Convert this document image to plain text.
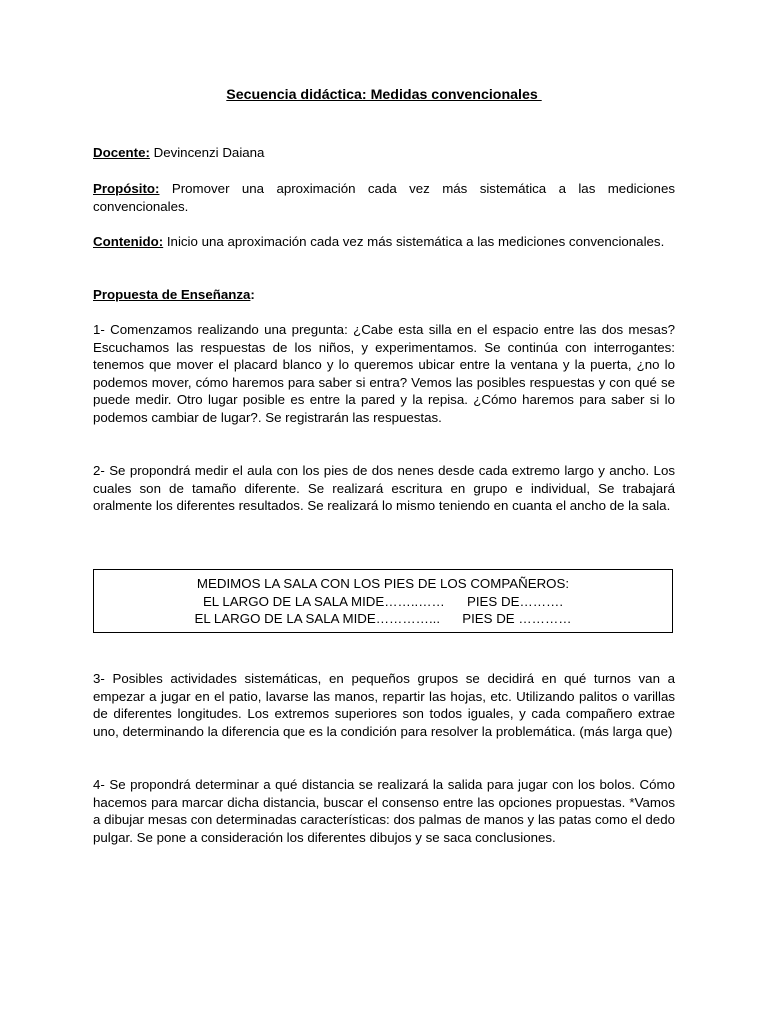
Secuencia didáctica: Medidas convencionales

Docente: Devincenzi Daiana

Propósito: Promover una aproximación cada vez más sistemática a las mediciones convencionales.

Contenido: Inicio una aproximación cada vez más sistemática a las mediciones convencionales.

Propuesta de Enseñanza:

1- Comenzamos realizando una pregunta: ¿Cabe esta silla en el espacio entre las dos mesas? Escuchamos las respuestas de los niños, y experimentamos. Se continúa con interrogantes: tenemos que mover el placard blanco y lo queremos ubicar entre la ventana y la puerta, ¿no lo podemos mover, cómo haremos para saber si entra? Vemos las posibles respuestas y con qué se puede medir. Otro lugar posible es entre la pared y la repisa. ¿Cómo haremos para saber si lo podemos cambiar de lugar?. Se registrarán las respuestas.

2- Se propondrá medir el aula con los pies de dos nenes desde cada extremo largo y ancho. Los cuales son de tamaño diferente. Se realizará escritura en grupo e individual, Se trabajará oralmente los diferentes resultados. Se realizará lo mismo teniendo en cuanta el ancho de la sala.

MEDIMOS LA SALA CON LOS PIES DE LOS COMPAÑEROS:
EL LARGO DE LA SALA MIDE……..……      PIES DE……….
EL LARGO DE LA SALA MIDE…………...      PIES DE …………

3- Posibles actividades sistemáticas, en pequeños grupos se decidirá en qué turnos van a empezar a jugar en el patio, lavarse las manos, repartir las hojas, etc. Utilizando palitos o varillas de diferentes longitudes. Los extremos superiores son todos iguales, y cada compañero extrae uno, determinando la diferencia que es la condición para resolver la problemática. (más larga que)

4- Se propondrá determinar a qué distancia se realizará la salida para jugar con los bolos. Cómo hacemos para marcar dicha distancia, buscar el consenso entre las opciones propuestas. *Vamos a dibujar mesas con determinadas características: dos palmas de manos y las patas como el dedo pulgar. Se pone a consideración los diferentes dibujos y se saca conclusiones.
